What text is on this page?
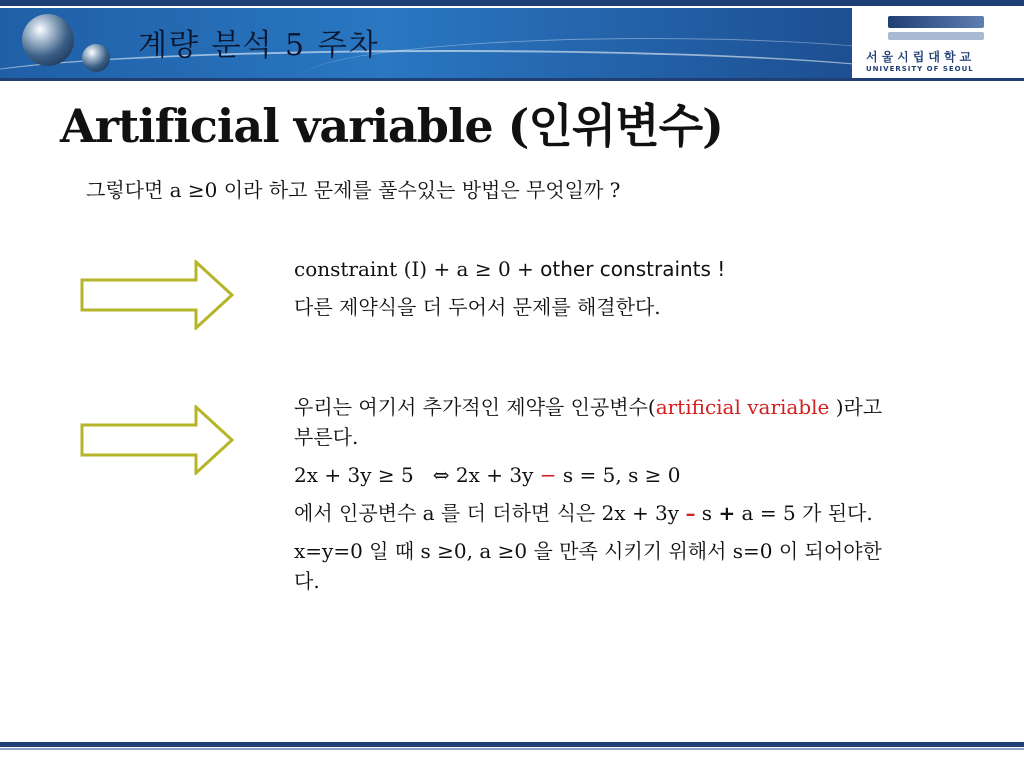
계량 분석 5 주차	서울시립대학교
UNIVERSITY OF SEOUL
Artificial variable (인위변수)
그렇다면 a ≥0 이라 하고 문제를 풀수있는 방법은 무엇일까 ?

constraint (I) + a ≥ 0 + other constraints !

다른 제약식을 더 두어서 문제를 해결한다.

우리는 여기서 추가적인 제약을 인공변수(artificial variable )라고 부른다.

2x + 3y ≥ 5 ⇔ 2x + 3y − s = 5, s ≥ 0

에서 인공변수 a 를 더 더하면 식은 2x + 3y – s + a = 5 가 된다.

x=y=0 일 때 s ≥0, a ≥0 을 만족 시키기 위해서 s=0 이 되어야한다.
